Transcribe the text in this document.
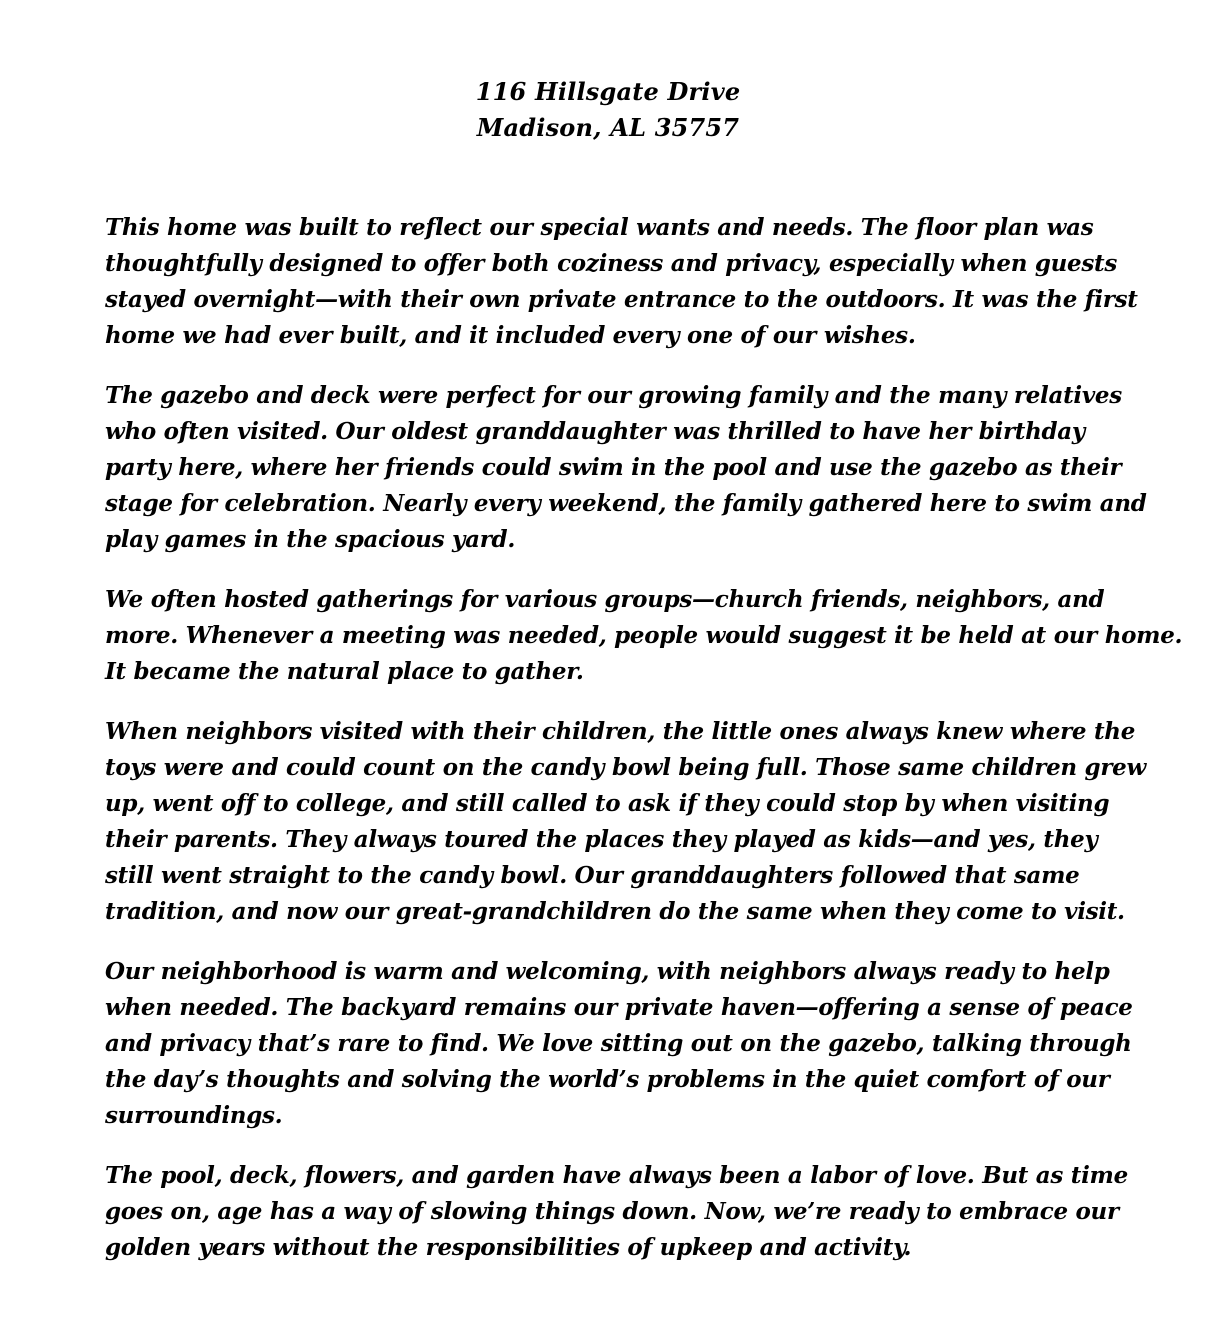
116 Hillsgate Drive
Madison, AL 35757

This home was built to reflect our special wants and needs. The floor plan was
thoughtfully designed to offer both coziness and privacy, especially when guests
stayed overnight—with their own private entrance to the outdoors. It was the first
home we had ever built, and it included every one of our wishes.

The gazebo and deck were perfect for our growing family and the many relatives
who often visited. Our oldest granddaughter was thrilled to have her birthday
party here, where her friends could swim in the pool and use the gazebo as their
stage for celebration. Nearly every weekend, the family gathered here to swim and
play games in the spacious yard.

We often hosted gatherings for various groups—church friends, neighbors, and
more. Whenever a meeting was needed, people would suggest it be held at our home.
It became the natural place to gather.

When neighbors visited with their children, the little ones always knew where the
toys were and could count on the candy bowl being full. Those same children grew
up, went off to college, and still called to ask if they could stop by when visiting
their parents. They always toured the places they played as kids—and yes, they
still went straight to the candy bowl. Our granddaughters followed that same
tradition, and now our great-grandchildren do the same when they come to visit.

Our neighborhood is warm and welcoming, with neighbors always ready to help
when needed. The backyard remains our private haven—offering a sense of peace
and privacy that’s rare to find. We love sitting out on the gazebo, talking through
the day’s thoughts and solving the world’s problems in the quiet comfort of our
surroundings.

The pool, deck, flowers, and garden have always been a labor of love. But as time
goes on, age has a way of slowing things down. Now, we’re ready to embrace our
golden years without the responsibilities of upkeep and activity.
